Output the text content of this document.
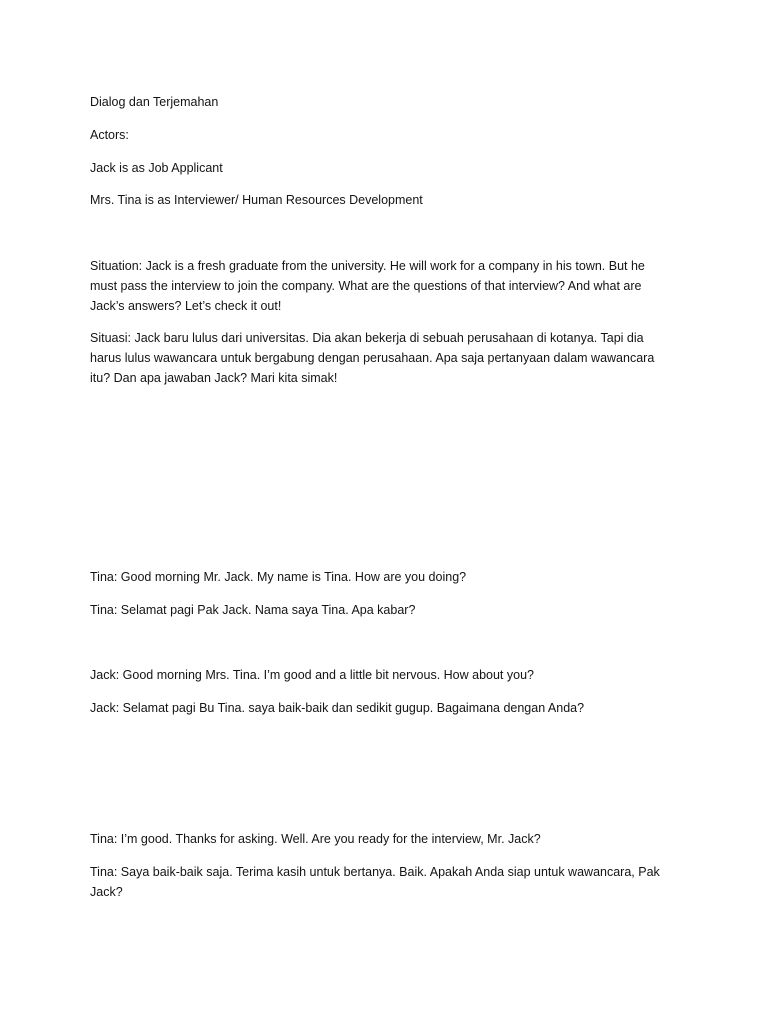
Dialog dan Terjemahan

Actors:

Jack is as Job Applicant

Mrs. Tina is as Interviewer/ Human Resources Development

Situation: Jack is a fresh graduate from the university. He will work for a company in his town. But he must pass the interview to join the company. What are the questions of that interview? And what are Jack’s answers? Let’s check it out!

Situasi: Jack baru lulus dari universitas. Dia akan bekerja di sebuah perusahaan di kotanya. Tapi dia harus lulus wawancara untuk bergabung dengan perusahaan. Apa saja pertanyaan dalam wawancara itu? Dan apa jawaban Jack? Mari kita simak!

Tina: Good morning Mr. Jack. My name is Tina. How are you doing?

Tina: Selamat pagi Pak Jack. Nama saya Tina. Apa kabar?

Jack: Good morning Mrs. Tina. I’m good and a little bit nervous. How about you?

Jack: Selamat pagi Bu Tina. saya baik-baik dan sedikit gugup. Bagaimana dengan Anda?

Tina: I’m good. Thanks for asking. Well. Are you ready for the interview, Mr. Jack?

Tina: Saya baik-baik saja. Terima kasih untuk bertanya. Baik. Apakah Anda siap untuk wawancara, Pak Jack?
